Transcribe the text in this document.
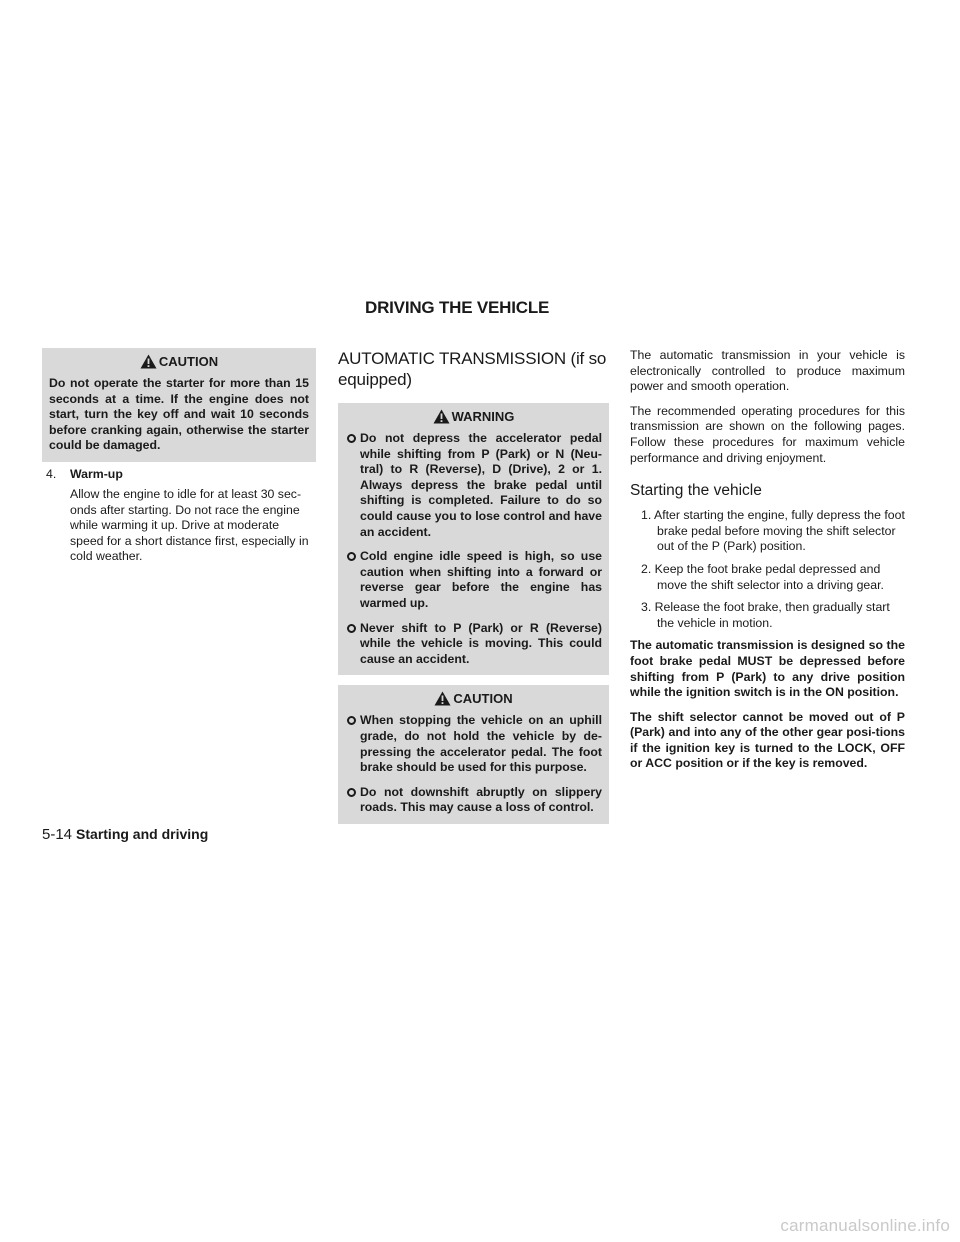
DRIVING THE VEHICLE
CAUTION
Do not operate the starter for more than 15 seconds at a time. If the engine does not start, turn the key off and wait 10 seconds before cranking again, otherwise the starter could be damaged.
4. Warm-up
Allow the engine to idle for at least 30 sec-onds after starting. Do not race the engine while warming it up. Drive at moderate speed for a short distance first, especially in cold weather.
AUTOMATIC TRANSMISSION (if so equipped)
WARNING
Do not depress the accelerator pedal while shifting from P (Park) or N (Neu-tral) to R (Reverse), D (Drive), 2 or 1. Always depress the brake pedal until shifting is completed. Failure to do so could cause you to lose control and have an accident.
Cold engine idle speed is high, so use caution when shifting into a forward or reverse gear before the engine has warmed up.
Never shift to P (Park) or R (Reverse) while the vehicle is moving. This could cause an accident.
CAUTION
When stopping the vehicle on an uphill grade, do not hold the vehicle by de-pressing the accelerator pedal. The foot brake should be used for this purpose.
Do not downshift abruptly on slippery roads. This may cause a loss of control.

The automatic transmission in your vehicle is electronically controlled to produce maximum power and smooth operation.

The recommended operating procedures for this transmission are shown on the following pages. Follow these procedures for maximum vehicle performance and driving enjoyment.

Starting the vehicle
1. After starting the engine, fully depress the foot brake pedal before moving the shift selector out of the P (Park) position.
2. Keep the foot brake pedal depressed and move the shift selector into a driving gear.
3. Release the foot brake, then gradually start the vehicle in motion.

The automatic transmission is designed so the foot brake pedal MUST be depressed before shifting from P (Park) to any drive position while the ignition switch is in the ON position.

The shift selector cannot be moved out of P (Park) and into any of the other gear posi-tions if the ignition key is turned to the LOCK, OFF or ACC position or if the key is removed.

5-14 Starting and driving
carmanualsonline.info
